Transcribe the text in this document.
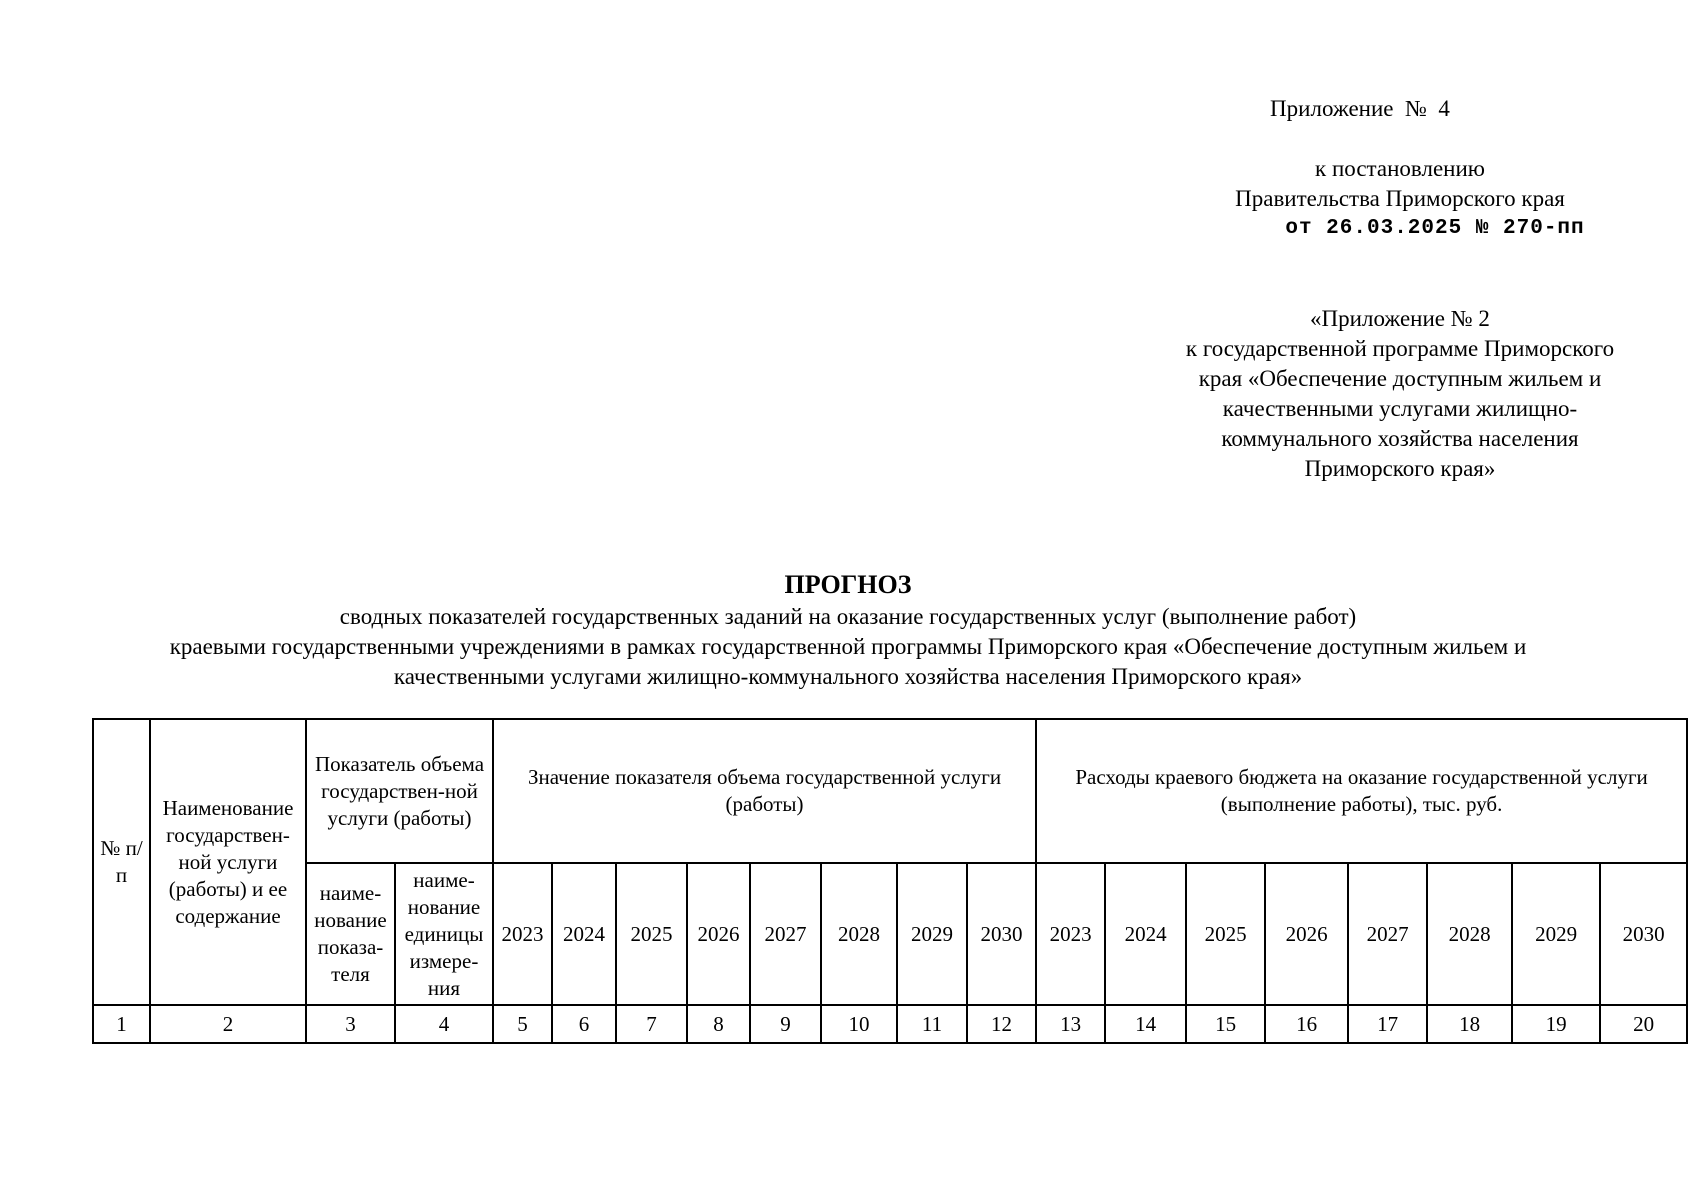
Приложение  №  4
к постановлению
Правительства Приморского края
от 26.03.2025 № 270-пп
«Приложение № 2
к государственной программе Приморского
края «Обеспечение доступным жильем и
качественными услугами жилищно-
коммунального хозяйства населения
Приморского края»
ПРОГНОЗ
сводных показателей государственных заданий на оказание государственных услуг (выполнение работ)
краевыми государственными учреждениями в рамках государственной программы Приморского края «Обеспечение доступным жильем и
качественными услугами жилищно-коммунального хозяйства населения Приморского края»
№ п/п	Наименование государствен-ной услуги (работы) и ее содержание	Показатель объема государствен-ной услуги (работы)		Значение показателя объема государственной услуги (работы)								Расходы краевого бюджета на оказание государственной услуги (выполнение работы), тыс. руб.							
		наиме-нование показа-теля	наиме-нование единицы измере-ния	2023	2024	2025	2026	2027	2028	2029	2030	2023	2024	2025	2026	2027	2028	2029	2030
1	2	3	4	5	6	7	8	9	10	11	12	13	14	15	16	17	18	19	20
